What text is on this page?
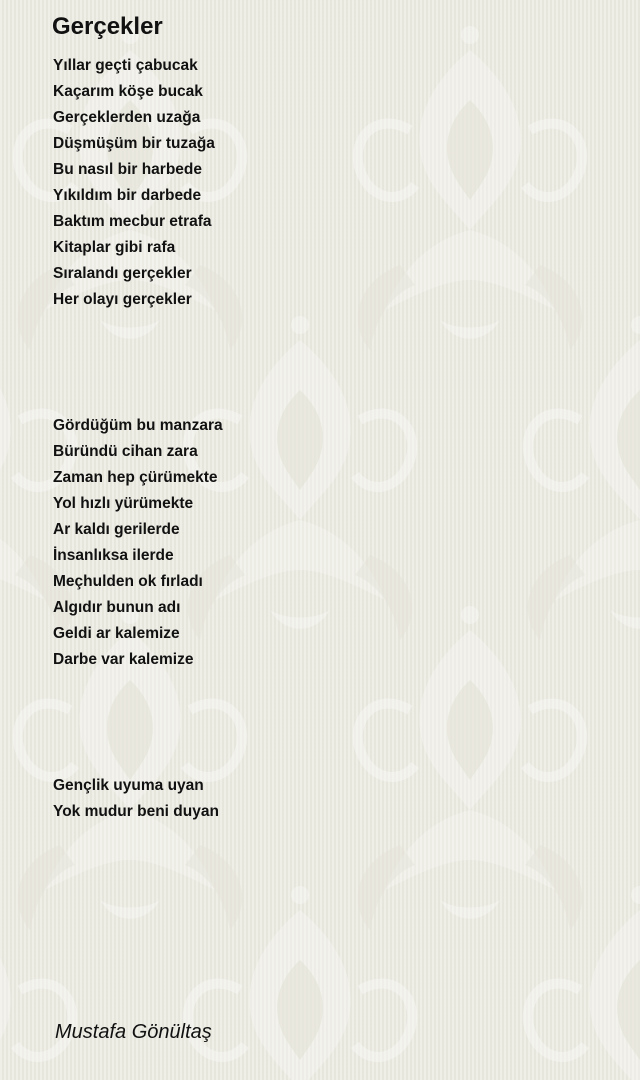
Gerçekler
Yıllar geçti çabucak
Kaçarım köşe bucak
Gerçeklerden uzağa
Düşmüşüm bir tuzağa
Bu nasıl bir harbede
Yıkıldım bir darbede
Baktım mecbur etrafa
Kitaplar gibi rafa
Sıralandı gerçekler
Her olayı gerçekler
Gördüğüm bu manzara
Büründü cihan zara
Zaman hep çürümekte
Yol hızlı yürümekte
Ar kaldı gerilerde
İnsanlıksa ilerde
Meçhulden ok fırladı
Algıdır bunun adı
Geldi ar kalemize
Darbe var kalemize
Gençlik uyuma uyan
Yok mudur beni duyan

Mustafa Gönültaş
